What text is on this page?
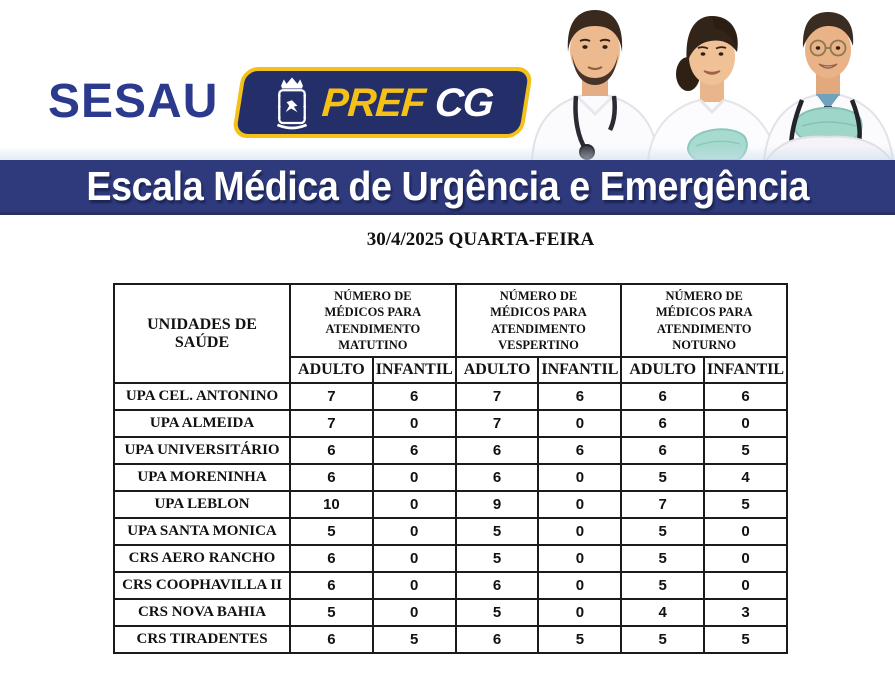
SESAU	PREF CG
Escala Médica de Urgência e Emergência
30/4/2025 QUARTA-FEIRA
UNIDADES DE SAÚDE	NÚMERO DE MÉDICOS PARA ATENDIMENTO MATUTINO		NÚMERO DE MÉDICOS PARA ATENDIMENTO VESPERTINO		NÚMERO DE MÉDICOS PARA ATENDIMENTO NOTURNO	
	ADULTO	INFANTIL	ADULTO	INFANTIL	ADULTO	INFANTIL
UPA CEL. ANTONINO	7	6	7	6	6	6
UPA ALMEIDA	7	0	7	0	6	0
UPA UNIVERSITÁRIO	6	6	6	6	6	5
UPA MORENINHA	6	0	6	0	5	4
UPA LEBLON	10	0	9	0	7	5
UPA SANTA MONICA	5	0	5	0	5	0
CRS AERO RANCHO	6	0	5	0	5	0
CRS COOPHAVILLA II	6	0	6	0	5	0
CRS NOVA BAHIA	5	0	5	0	4	3
CRS TIRADENTES	6	5	6	5	5	5
